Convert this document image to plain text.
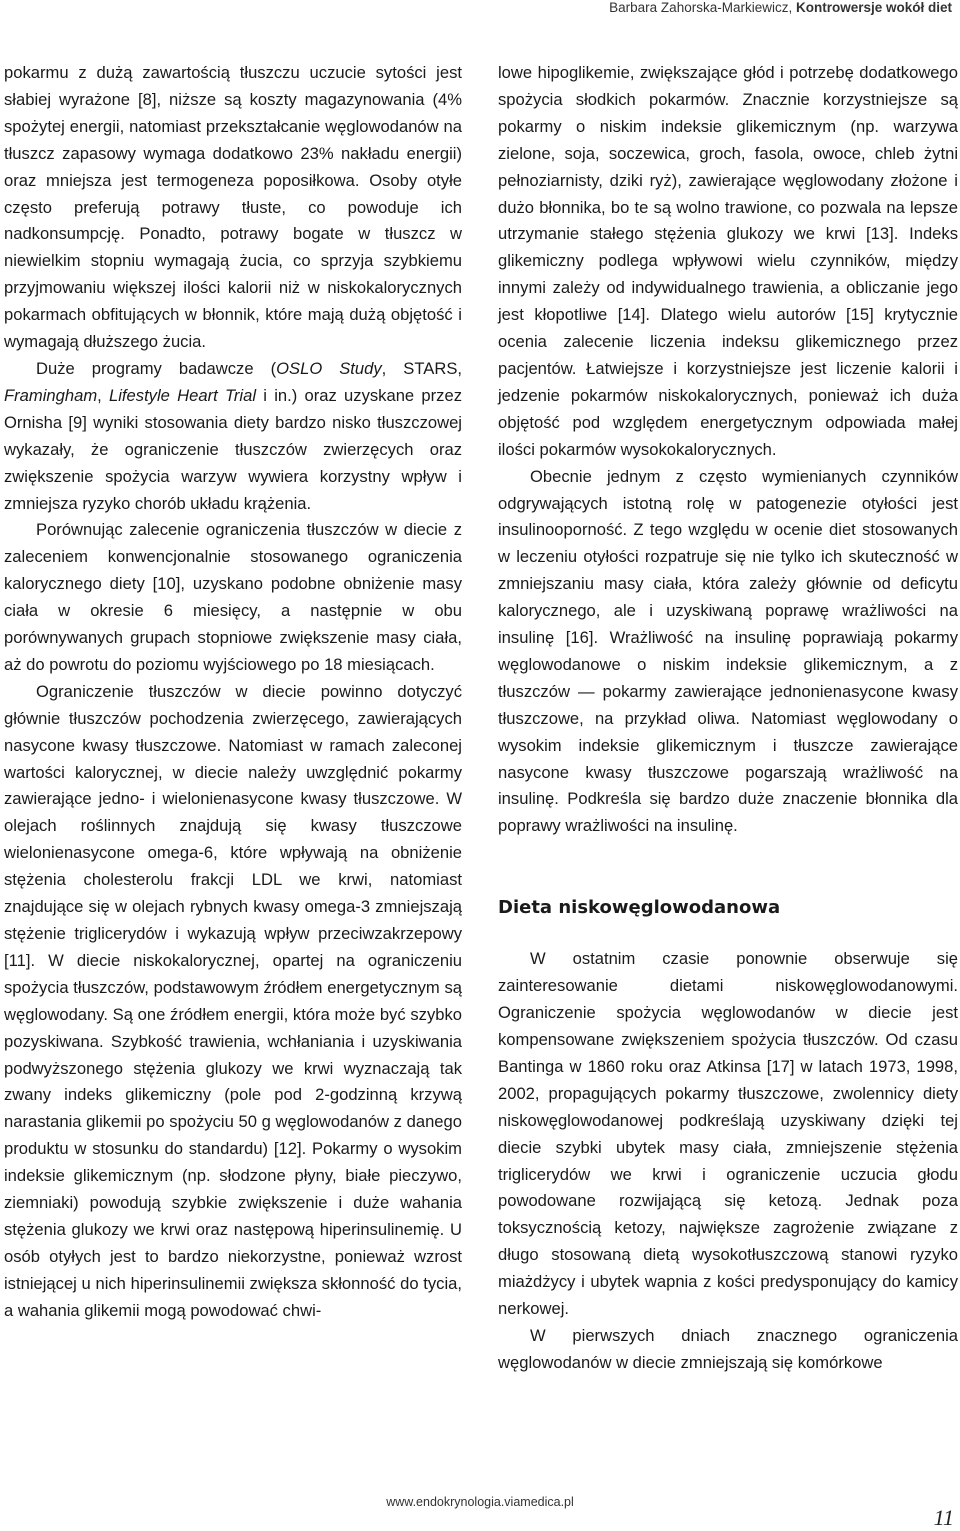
Barbara Zahorska-Markiewicz, Kontrowersje wokół diet

pokarmu z dużą zawartością tłuszczu uczucie sytości jest słabiej wyrażone [8], niższe są koszty magazynowania (4% spożytej energii, natomiast przekształcanie węglowodanów na tłuszcz zapasowy wymaga dodatkowo 23% nakładu energii) oraz mniejsza jest termogeneza poposiłkowa. Osoby otyłe często preferują potrawy tłuste, co powoduje ich nadkonsumpcję. Ponadto, potrawy bogate w tłuszcz w niewielkim stopniu wymagają żucia, co sprzyja szybkiemu przyjmowaniu większej ilości kalorii niż w niskokalorycznych pokarmach obfitujących w błonnik, które mają dużą objętość i wymagają dłuższego żucia.

Duże programy badawcze (OSLO Study, STARS, Framingham, Lifestyle Heart Trial i in.) oraz uzyskane przez Ornisha [9] wyniki stosowania diety bardzo nisko tłuszczowej wykazały, że ograniczenie tłuszczów zwierzęcych oraz zwiększenie spożycia warzyw wywiera korzystny wpływ i zmniejsza ryzyko chorób układu krążenia.

Porównując zalecenie ograniczenia tłuszczów w diecie z zaleceniem konwencjonalnie stosowanego ograniczenia kalorycznego diety [10], uzyskano podobne obniżenie masy ciała w okresie 6 miesięcy, a następnie w obu porównywanych grupach stopniowe zwiększenie masy ciała, aż do powrotu do poziomu wyjściowego po 18 miesiącach.

Ograniczenie tłuszczów w diecie powinno dotyczyć głównie tłuszczów pochodzenia zwierzęcego, zawierających nasycone kwasy tłuszczowe. Natomiast w ramach zaleconej wartości kalorycznej, w diecie należy uwzględnić pokarmy zawierające jedno- i wielonienasycone kwasy tłuszczowe. W olejach roślinnych znajdują się kwasy tłuszczowe wielonienasycone omega-6, które wpływają na obniżenie stężenia cholesterolu frakcji LDL we krwi, natomiast znajdujące się w olejach rybnych kwasy omega-3 zmniejszają stężenie triglicerydów i wykazują wpływ przeciwzakrzepowy [11]. W diecie niskokalorycznej, opartej na ograniczeniu spożycia tłuszczów, podstawowym źródłem energetycznym są węglowodany. Są one źródłem energii, która może być szybko pozyskiwana. Szybkość trawienia, wchłaniania i uzyskiwania podwyższonego stężenia glukozy we krwi wyznaczają tak zwany indeks glikemiczny (pole pod 2-godzinną krzywą narastania glikemii po spożyciu 50 g węglowodanów z danego produktu w stosunku do standardu) [12]. Pokarmy o wysokim indeksie glikemicznym (np. słodzone płyny, białe pieczywo, ziemniaki) powodują szybkie zwiększenie i duże wahania stężenia glukozy we krwi oraz następową hiperinsulinemię. U osób otyłych jest to bardzo niekorzystne, ponieważ wzrost istniejącej u nich hiperinsulinemii zwiększa skłonność do tycia, a wahania glikemii mogą powodować chwi-

lowe hipoglikemie, zwiększające głód i potrzebę dodatkowego spożycia słodkich pokarmów. Znacznie korzystniejsze są pokarmy o niskim indeksie glikemicznym (np. warzywa zielone, soja, soczewica, groch, fasola, owoce, chleb żytni pełnoziarnisty, dziki ryż), zawierające węglowodany złożone i dużo błonnika, bo te są wolno trawione, co pozwala na lepsze utrzymanie stałego stężenia glukozy we krwi [13]. Indeks glikemiczny podlega wpływowi wielu czynników, między innymi zależy od indywidualnego trawienia, a obliczanie jego jest kłopotliwe [14]. Dlatego wielu autorów [15] krytycznie ocenia zalecenie liczenia indeksu glikemicznego przez pacjentów. Łatwiejsze i korzystniejsze jest liczenie kalorii i jedzenie pokarmów niskokalorycznych, ponieważ ich duża objętość pod względem energetycznym odpowiada małej ilości pokarmów wysokokalorycznych.

Obecnie jednym z często wymienianych czynników odgrywających istotną rolę w patogenezie otyłości jest insulinooporność. Z tego względu w ocenie diet stosowanych w leczeniu otyłości rozpatruje się nie tylko ich skuteczność w zmniejszaniu masy ciała, która zależy głównie od deficytu kalorycznego, ale i uzyskiwaną poprawę wrażliwości na insulinę [16]. Wrażliwość na insulinę poprawiają pokarmy węglowodanowe o niskim indeksie glikemicznym, a z tłuszczów — pokarmy zawierające jednonienasycone kwasy tłuszczowe, na przykład oliwa. Natomiast węglowodany o wysokim indeksie glikemicznym i tłuszcze zawierające nasycone kwasy tłuszczowe pogarszają wrażliwość na insulinę. Podkreśla się bardzo duże znaczenie błonnika dla poprawy wrażliwości na insulinę.

Dieta niskowęglowodanowa

W ostatnim czasie ponownie obserwuje się zainteresowanie dietami niskowęglowodanowymi. Ograniczenie spożycia węglowodanów w diecie jest kompensowane zwiększeniem spożycia tłuszczów. Od czasu Bantinga w 1860 roku oraz Atkinsa [17] w latach 1973, 1998, 2002, propagujących pokarmy tłuszczowe, zwolennicy diety niskowęglowodanowej podkreślają uzyskiwany dzięki tej diecie szybki ubytek masy ciała, zmniejszenie stężenia triglicerydów we krwi i ograniczenie uczucia głodu powodowane rozwijającą się ketozą. Jednak poza toksycznością ketozy, największe zagrożenie związane z długo stosowaną dietą wysokotłuszczową stanowi ryzyko miażdżycy i ubytek wapnia z kości predysponujący do kamicy nerkowej.

W pierwszych dniach znacznego ograniczenia węglowodanów w diecie zmniejszają się komórkowe

www.endokrynologia.viamedica.pl
11
